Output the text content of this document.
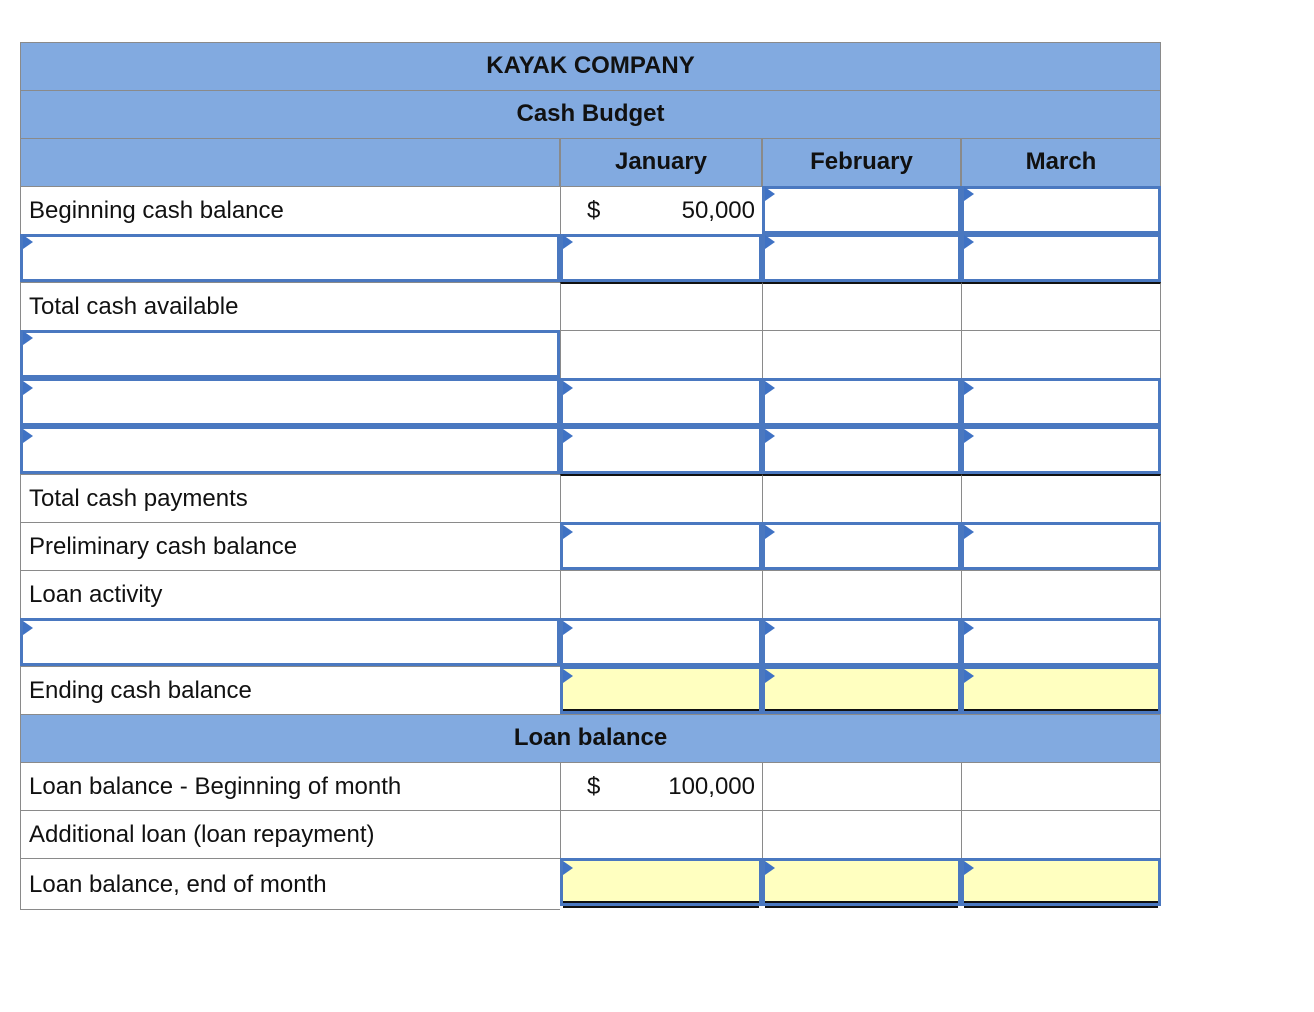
KAYAK COMPANY
Cash Budget
January	February	March
Beginning cash balance	$	50,000
Total cash available
Total cash payments
Preliminary cash balance
Loan activity
Ending cash balance
Loan balance
Loan balance - Beginning of month	$	100,000
Additional loan (loan repayment)
Loan balance, end of month
